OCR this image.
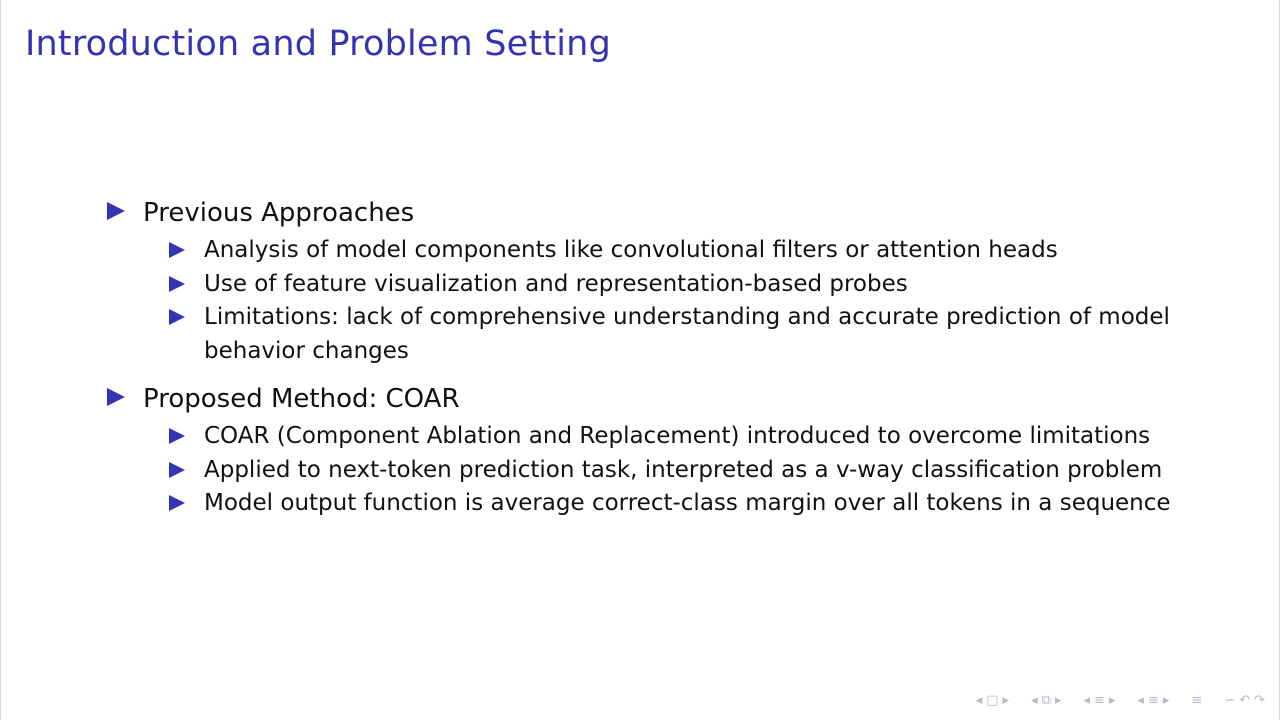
Introduction and Problem Setting
Previous Approaches
Analysis of model components like convolutional filters or attention heads
Use of feature visualization and representation-based probes
Limitations: lack of comprehensive understanding and accurate prediction of model
behavior changes
Proposed Method: COAR
COAR (Component Ablation and Replacement) introduced to overcome limitations
Applied to next-token prediction task, interpreted as a v-way classification problem
Model output function is average correct-class margin over all tokens in a sequence
◂ □ ▸ ◂ ⧉ ▸ ◂ ≡ ▸ ◂ ≡ ▸ ≡ ∽ ↶ ↷
